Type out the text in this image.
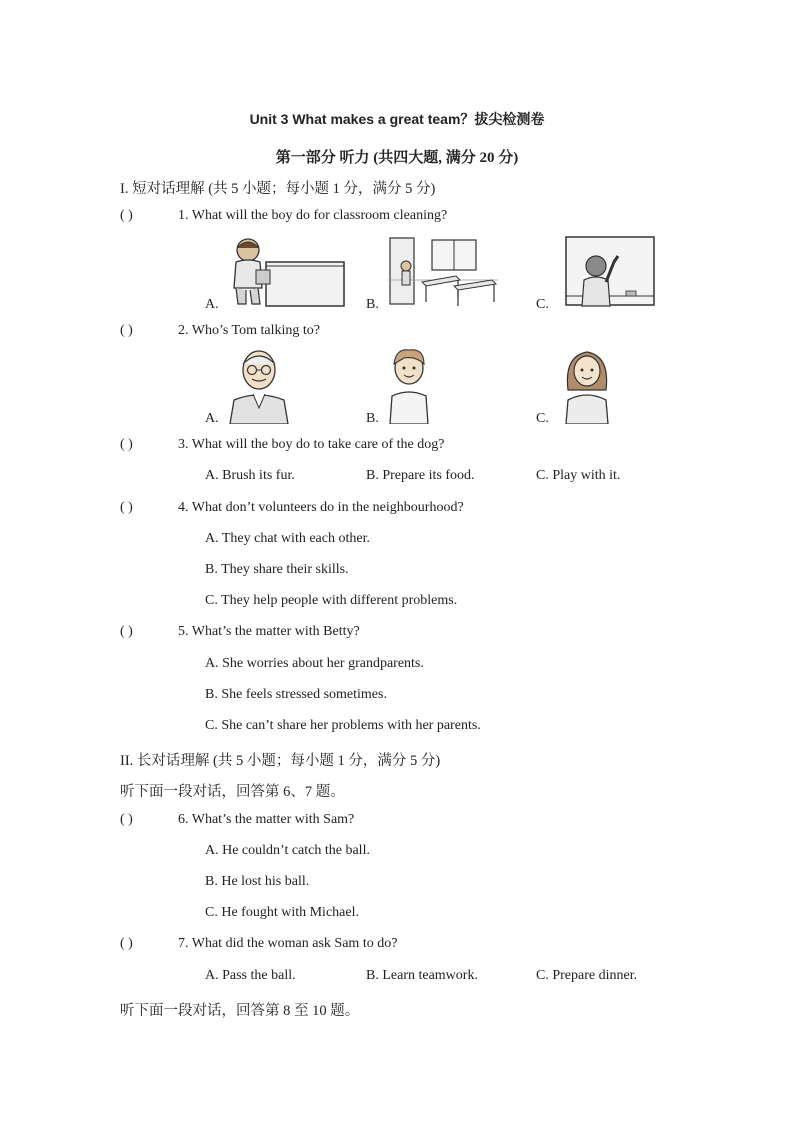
Unit 3 What makes a great team？拔尖检测卷
第一部分 听力 (共四大题, 满分 20 分)
I. 短对话理解 (共 5 小题；每小题 1 分，满分 5 分)
( )	1. What will the boy do for classroom cleaning?
A.	B.	C.
( )	2. Who’s Tom talking to?
A.	B.	C.
( )	3. What will the boy do to take care of the dog?
A. Brush its fur.	B. Prepare its food.	C. Play with it.
( )	4. What don’t volunteers do in the neighbourhood?
A. They chat with each other.
B. They share their skills.
C. They help people with different problems.
( )	5. What’s the matter with Betty?
A. She worries about her grandparents.
B. She feels stressed sometimes.
C. She can’t share her problems with her parents.
II. 长对话理解 (共 5 小题；每小题 1 分，满分 5 分)
听下面一段对话，回答第 6、7 题。
( )	6. What’s the matter with Sam?
A. He couldn’t catch the ball.
B. He lost his ball.
C. He fought with Michael.
( )	7. What did the woman ask Sam to do?
A. Pass the ball.	B. Learn teamwork.	C. Prepare dinner.
听下面一段对话，回答第 8 至 10 题。
